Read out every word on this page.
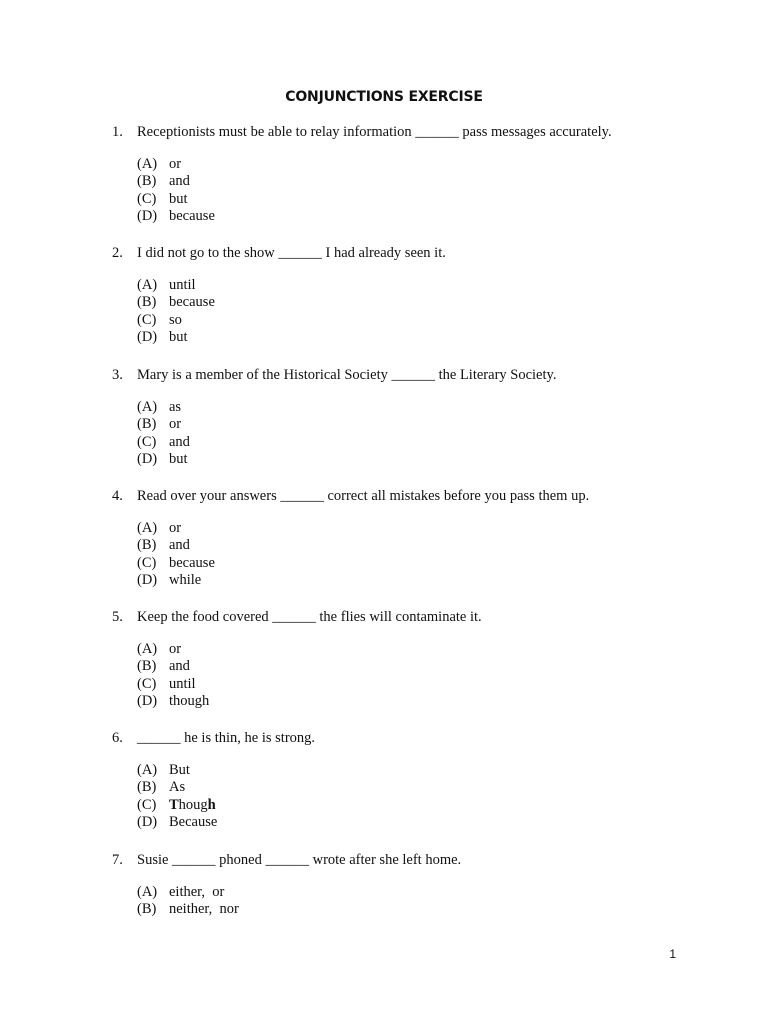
CONJUNCTIONS EXERCISE
1. Receptionists must be able to relay information ______ pass messages accurately.
(A) or
(B) and
(C) but
(D) because
2. I did not go to the show ______ I had already seen it.
(A) until
(B) because
(C) so
(D) but
3. Mary is a member of the Historical Society ______ the Literary Society.
(A) as
(B) or
(C) and
(D) but
4. Read over your answers ______ correct all mistakes before you pass them up.
(A) or
(B) and
(C) because
(D) while
5. Keep the food covered ______ the flies will contaminate it.
(A) or
(B) and
(C) until
(D) though
6. ______ he is thin, he is strong.
(A) But
(B) As
(C) Though
(D) Because
7. Susie ______ phoned ______ wrote after she left home.
(A) either,  or
(B) neither,  nor
1
